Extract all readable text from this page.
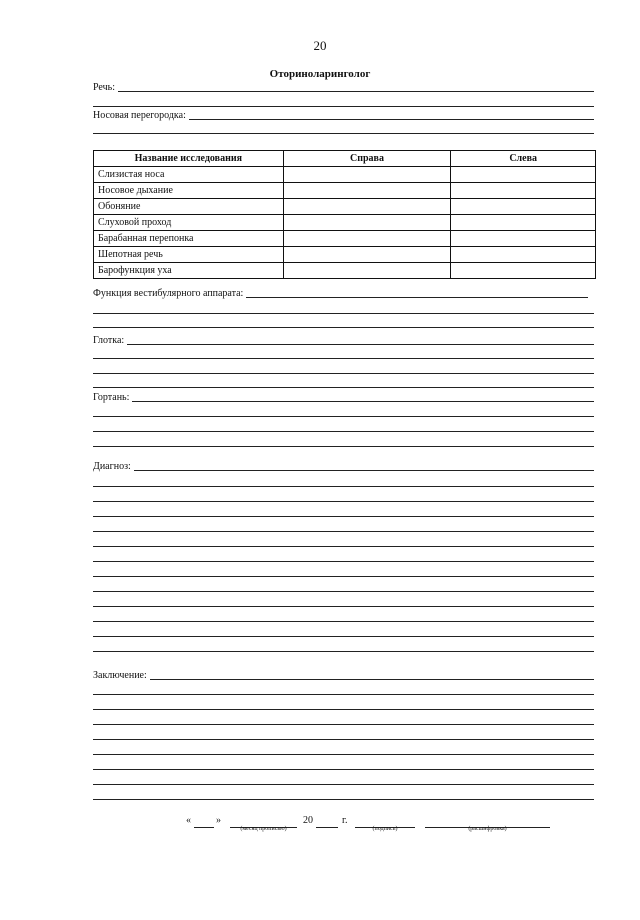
20
Оториноларинголог
Речь:
Носовая перегородка:
Название исследования	Справа	Слева
Слизистая носа		
Носовое дыхание		
Обоняние		
Слуховой проход		
Барабанная перепонка		
Шепотная речь		
Барофункция уха		
Функция вестибулярного аппарата:
Глотка:
Гортань:
Диагноз:
Заключение:
«	»	20	г.
(месяц прописью)	(подпись)	(расшифровка)
